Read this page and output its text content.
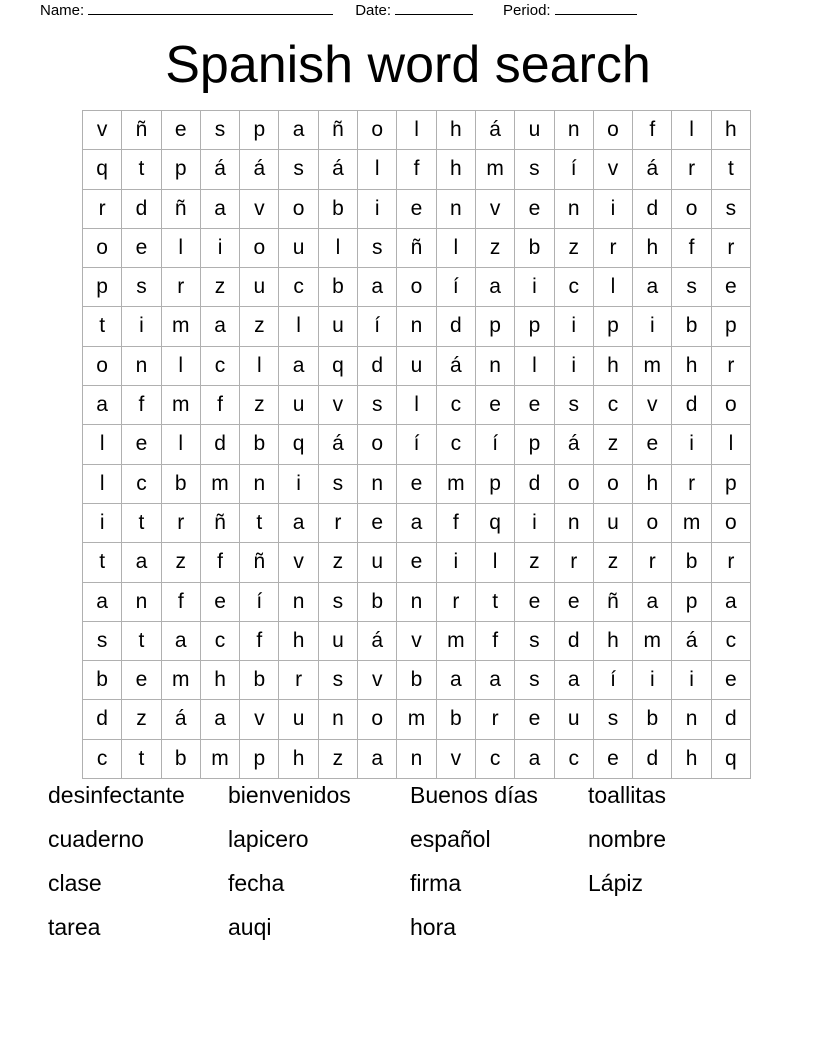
Name:	Date:	Period:
Spanish word search
v	ñ	e	s	p	a	ñ	o	l	h	á	u	n	o	f	l	h
q	t	p	á	á	s	á	l	f	h	m	s	í	v	á	r	t
r	d	ñ	a	v	o	b	i	e	n	v	e	n	i	d	o	s
o	e	l	i	o	u	l	s	ñ	l	z	b	z	r	h	f	r
p	s	r	z	u	c	b	a	o	í	a	i	c	l	a	s	e
t	i	m	a	z	l	u	í	n	d	p	p	i	p	i	b	p
o	n	l	c	l	a	q	d	u	á	n	l	i	h	m	h	r
a	f	m	f	z	u	v	s	l	c	e	e	s	c	v	d	o
l	e	l	d	b	q	á	o	í	c	í	p	á	z	e	i	l
l	c	b	m	n	i	s	n	e	m	p	d	o	o	h	r	p
i	t	r	ñ	t	a	r	e	a	f	q	i	n	u	o	m	o
t	a	z	f	ñ	v	z	u	e	i	l	z	r	z	r	b	r
a	n	f	e	í	n	s	b	n	r	t	e	e	ñ	a	p	a
s	t	a	c	f	h	u	á	v	m	f	s	d	h	m	á	c
b	e	m	h	b	r	s	v	b	a	a	s	a	í	i	i	e
d	z	á	a	v	u	n	o	m	b	r	e	u	s	b	n	d
c	t	b	m	p	h	z	a	n	v	c	a	c	e	d	h	q
desinfectante	bienvenidos	Buenos días	toallitas
cuaderno	lapicero	español	nombre
clase	fecha	firma	Lápiz
tarea	auqi	hora
